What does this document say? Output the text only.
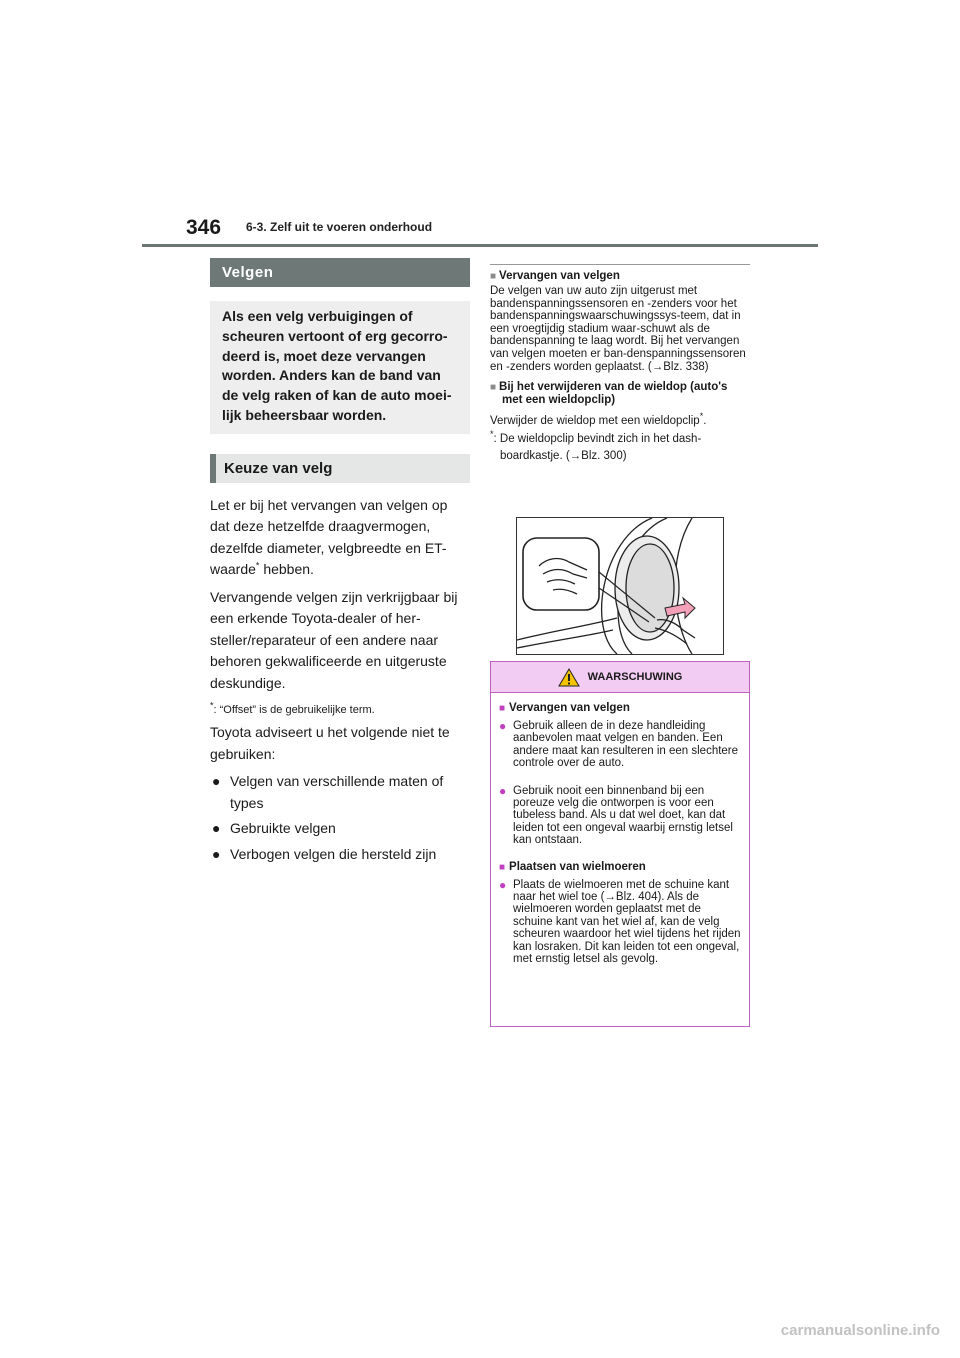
346 6-3. Zelf uit te voeren onderhoud
Velgen
Als een velg verbuigingen of scheuren vertoont of erg gecorro-deerd is, moet deze vervangen worden. Anders kan de band van de velg raken of kan de auto moei-lijk beheersbaar worden.
Keuze van velg

Let er bij het vervangen van velgen op dat deze hetzelfde draagvermogen, dezelfde diameter, velgbreedte en ET-waarde* hebben.

Vervangende velgen zijn verkrijgbaar bij een erkende Toyota-dealer of her-steller/reparateur of een andere naar behoren gekwalificeerde en uitgeruste deskundige.

*: “Offset” is de gebruikelijke term.

Toyota adviseert u het volgende niet te gebruiken:

● Velgen van verschillende maten of types
● Gebruikte velgen
● Verbogen velgen die hersteld zijn
■ Vervangen van velgen

De velgen van uw auto zijn uitgerust met bandenspanningssensoren en -zenders voor het bandenspanningswaarschuwingssys-teem, dat in een vroegtijdig stadium waar-schuwt als de bandenspanning te laag wordt. Bij het vervangen van velgen moeten er ban-denspanningssensoren en -zenders worden geplaatst. (→Blz. 338)

■ Bij het verwijderen van de wieldop (auto's met een wieldopclip)

Verwijder de wieldop met een wieldopclip*.

*: De wieldopclip bevindt zich in het dash-boardkastje. (→Blz. 300)

WAARSCHUWING
■ Vervangen van velgen
● Gebruik alleen de in deze handleiding aanbevolen maat velgen en banden. Een andere maat kan resulteren in een slechtere controle over de auto.
● Gebruik nooit een binnenband bij een poreuze velg die ontworpen is voor een tubeless band. Als u dat wel doet, kan dat leiden tot een ongeval waarbij ernstig letsel kan ontstaan.
■ Plaatsen van wielmoeren
● Plaats de wielmoeren met de schuine kant naar het wiel toe (→Blz. 404). Als de wielmoeren worden geplaatst met de schuine kant van het wiel af, kan de velg scheuren waardoor het wiel tijdens het rijden kan losraken. Dit kan leiden tot een ongeval, met ernstig letsel als gevolg.
carmanualsonline.info
